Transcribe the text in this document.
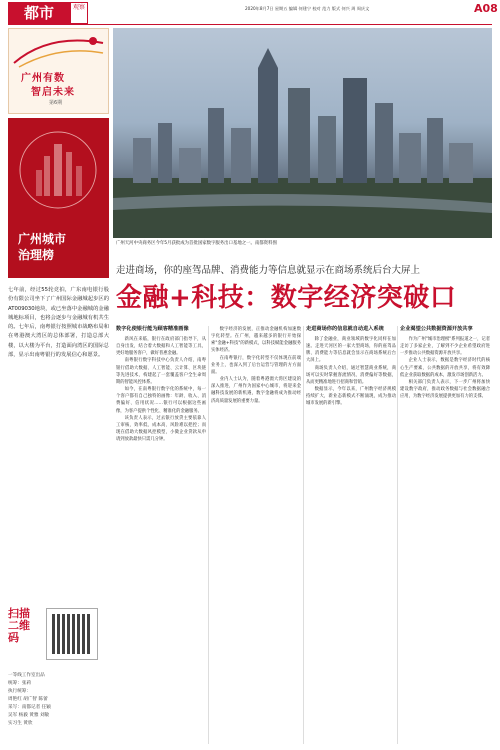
都市	观察	2020年8月7日 星期五 编辑 何建宁 校对 范力 版式 何兴 周 周庆文	A08
广州有数
智启未来
第6期
广州城市
治理榜
七年前，经过55轮竞拍，广东南电银行股份有限公司坐下了广州国际金融城起步区的AT009030地块，或已坐落中金融城的金融城地标项目，也将会逐步与金融城有机共生的。七年后，南粤银行按照城市战略布局和在粤港澳大湾区的总体部署，打造总部大楼，以大楼为平台，打造面向湾区的国际总部，显示出南粤银行的发展信心和愿景。
扫描 二维码
一等线工作室出品
统筹：张莉
执行统筹：
周艳红 胡广智 陈蕾
采写：南都记者 任颖
吴军 杨毅 黄雅 刘敏
实习生 黄欣
广州天河中央商务区今年5月获批成为首批国家数字服务出口基地之一。南都资料图
走进商场，你的座驾品牌、消费能力等信息就显示在商场系统后台大屏上
金融+科技：数字经济突破口
数字化使银行能为顾客精准画像

新风在来临，银行在政府部门指导下，从自身出发，结合着大数据和人工智能等工具，更好地服务客户，做好普惠金融。

南粤银行数字科技中心负责人介绍，南粤银行借助大数据、人工智能、云计算、区块链等先进技术，构建起了一套覆盖客户全生命周期的智能风控体系。

如今，在南粤银行数字化的系统中，每一个客户都有自己独特的画像：年龄、收入、消费偏好、信用状况……银行可以根据这些画像，为客户提供个性化、精准化的金融服务。

该负责人表示，过去银行放贷主要依靠人工审核，效率低、成本高、风险难以把控；而现在借助大数据风控模型，小微企业贷款从申请到放款最快只需几分钟。

数字经济的发展，正推动金融机构加速数字化转型。在广州，越来越多的银行开始探索"金融+科技"的新模式，以科技赋能金融服务实体经济。

在南粤银行，数字化转型不仅体现在前端业务上，也深入到了后台运营与管理的方方面面。

业内人士认为，随着粤港澳大湾区建设的深入推进，广州作为国家中心城市，将迎来金融科技发展的新机遇，数字金融将成为推动经济高质量发展的重要力量。

走进商场你的信息就自动进入系统

除了金融业，商业领域的数字化同样在加速。走进天河区的一家大型商场，你的座驾品牌、消费能力等信息就会显示在商场系统后台大屏上。

商场负责人介绍，通过智慧商业系统，商场可以实时掌握客流情况、消费偏好等数据，从而更精准地进行招商和营销。

数据显示，今年以来，广州数字经济规模持续扩大，新业态新模式不断涌现，成为推动城市发展的新引擎。

企业渴望公共数据资源开放共享

作为广州"城市治理榜"系列报道之一，记者走访了多家企业，了解到不少企业希望政府进一步推动公共数据资源开放共享。

企业人士表示，数据是数字经济时代的核心生产要素，公共数据的开放共享，将有效降低企业获取数据的成本，激发市场创新活力。

相关部门负责人表示，下一步广州将加快建设数字政府，推动政务数据与社会数据融合应用，为数字经济发展提供更加有力的支撑。
